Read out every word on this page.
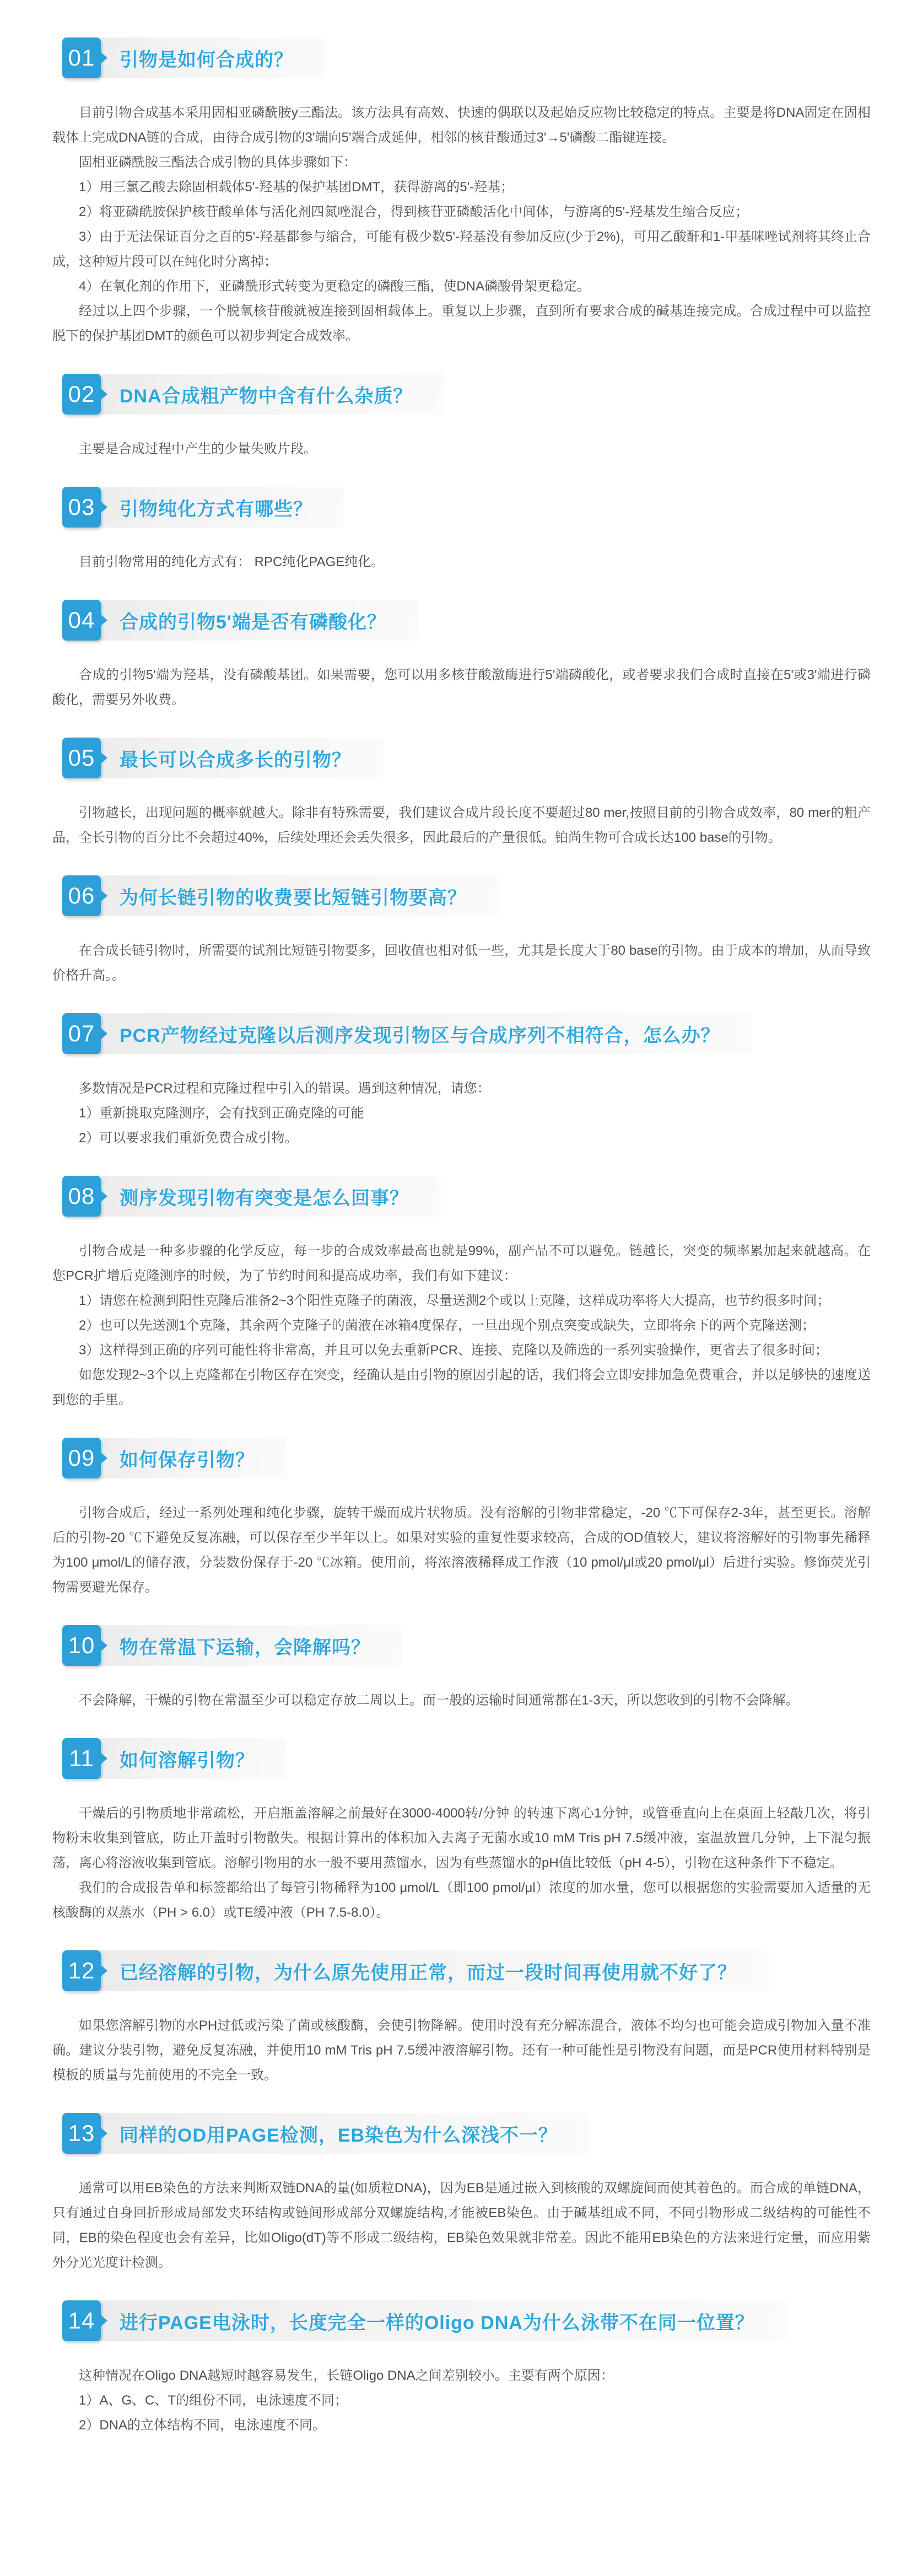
01 引物是如何合成的？

目前引物合成基本采用固相亚磷酰胺y三酯法。该方法具有高效、快速的偶联以及起始反应物比较稳定的特点。主要是将DNA固定在固相载体上完成DNA链的合成，由待合成引物的3'端向5'端合成延伸，相邻的核苷酸通过3'→5'磷酸二酯键连接。

固相亚磷酰胺三酯法合成引物的具体步骤如下：

1）用三氯乙酸去除固相载体5'-羟基的保护基团DMT，获得游离的5'-羟基；

2）将亚磷酰胺保护核苷酸单体与活化剂四氮唑混合，得到核苷亚磷酸活化中间体，与游离的5'-羟基发生缩合反应；

3）由于无法保证百分之百的5'-羟基都参与缩合，可能有极少数5'-羟基没有参加反应(少于2%)，可用乙酸酐和1-甲基咪唑试剂将其终止合成，这种短片段可以在纯化时分离掉；

4）在氧化剂的作用下，亚磷酰形式转变为更稳定的磷酸三酯，使DNA磷酸骨架更稳定。

经过以上四个步骤，一个脱氧核苷酸就被连接到固相载体上。重复以上步骤，直到所有要求合成的碱基连接完成。合成过程中可以监控脱下的保护基团DMT的颜色可以初步判定合成效率。

02 DNA合成粗产物中含有什么杂质？

主要是合成过程中产生的少量失败片段。

03 引物纯化方式有哪些？

目前引物常用的纯化方式有： RPC纯化PAGE纯化。

04 合成的引物5'端是否有磷酸化？

合成的引物5'端为羟基，没有磷酸基团。如果需要，您可以用多核苷酸激酶进行5'端磷酸化，或者要求我们合成时直接在5'或3'端进行磷酸化，需要另外收费。

05 最长可以合成多长的引物？

引物越长，出现问题的概率就越大。除非有特殊需要，我们建议合成片段长度不要超过80 mer,按照目前的引物合成效率，80 mer的粗产品，全长引物的百分比不会超过40%，后续处理还会丢失很多，因此最后的产量很低。铂尚生物可合成长达100 base的引物。

06 为何长链引物的收费要比短链引物要高？

在合成长链引物时，所需要的试剂比短链引物要多，回收值也相对低一些，尤其是长度大于80 base的引物。由于成本的增加，从而导致价格升高。。

07 PCR产物经过克隆以后测序发现引物区与合成序列不相符合，怎么办？

多数情况是PCR过程和克隆过程中引入的错误。遇到这种情况，请您：

1）重新挑取克隆测序，会有找到正确克隆的可能

2）可以要求我们重新免费合成引物。

08 测序发现引物有突变是怎么回事？

引物合成是一种多步骤的化学反应，每一步的合成效率最高也就是99%，副产品不可以避免。链越长，突变的频率累加起来就越高。在您PCR扩增后克隆测序的时候，为了节约时间和提高成功率，我们有如下建议：

1）请您在检测到阳性克隆后准备2~3个阳性克隆子的菌液，尽量送测2个或以上克隆，这样成功率将大大提高，也节约很多时间；

2）也可以先送测1个克隆，其余两个克隆子的菌液在冰箱4度保存，一旦出现个别点突变或缺失，立即将余下的两个克隆送测；

3）这样得到正确的序列可能性将非常高，并且可以免去重新PCR、连接、克隆以及筛选的一系列实验操作，更省去了很多时间；

如您发现2~3个以上克隆都在引物区存在突变，经确认是由引物的原因引起的话，我们将会立即安排加急免费重合，并以足够快的速度送到您的手里。

09 如何保存引物？

引物合成后，经过一系列处理和纯化步骤，旋转干燥而成片状物质。没有溶解的引物非常稳定，-20 ℃下可保存2-3年，甚至更长。溶解后的引物-20 ℃下避免反复冻融，可以保存至少半年以上。如果对实验的重复性要求较高，合成的OD值较大，建议将溶解好的引物事先稀释为100 μmol/L的储存液，分装数份保存于-20 ℃冰箱。使用前，将浓溶液稀释成工作液（10 pmol/μl或20 pmol/μl）后进行实验。修饰荧光引物需要避光保存。

10 物在常温下运输，会降解吗？

不会降解，干燥的引物在常温至少可以稳定存放二周以上。而一般的运输时间通常都在1-3天，所以您收到的引物不会降解。

11 如何溶解引物？

干燥后的引物质地非常疏松，开启瓶盖溶解之前最好在3000-4000转/分钟 的转速下离心1分钟，或管垂直向上在桌面上轻敲几次，将引物粉末收集到管底，防止开盖时引物散失。根据计算出的体积加入去离子无菌水或10 mM Tris pH 7.5缓冲液，室温放置几分钟，上下混匀振荡，离心将溶液收集到管底。溶解引物用的水一般不要用蒸馏水，因为有些蒸馏水的pH值比较低（pH 4-5），引物在这种条件下不稳定。

我们的合成报告单和标签都给出了每管引物稀释为100 μmol/L（即100 pmol/μl）浓度的加水量，您可以根据您的实验需要加入适量的无核酸酶的双蒸水（PH > 6.0）或TE缓冲液（PH 7.5-8.0）。

12 已经溶解的引物，为什么原先使用正常，而过一段时间再使用就不好了？

如果您溶解引物的水PH过低或污染了菌或核酸酶，会使引物降解。使用时没有充分解冻混合，液体不均匀也可能会造成引物加入量不准确。建议分装引物，避免反复冻融，并使用10 mM Tris pH 7.5缓冲液溶解引物。还有一种可能性是引物没有问题，而是PCR使用材料特别是模板的质量与先前使用的不完全一致。

13 同样的OD用PAGE检测，EB染色为什么深浅不一？

通常可以用EB染色的方法来判断双链DNA的量(如质粒DNA)，因为EB是通过嵌入到核酸的双螺旋间而使其着色的。而合成的单链DNA，只有通过自身回折形成局部发夹环结构或链间形成部分双螺旋结构,才能被EB染色。由于碱基组成不同，不同引物形成二级结构的可能性不同，EB的染色程度也会有差异，比如Oligo(dT)等不形成二级结构，EB染色效果就非常差。因此不能用EB染色的方法来进行定量，而应用紫外分光光度计检测。

14 进行PAGE电泳时，长度完全一样的Oligo DNA为什么泳带不在同一位置？

这种情况在Oligo DNA越短时越容易发生，长链Oligo DNA之间差别较小。主要有两个原因：

1）A、G、C、T的组份不同，电泳速度不同；

2）DNA的立体结构不同，电泳速度不同。
